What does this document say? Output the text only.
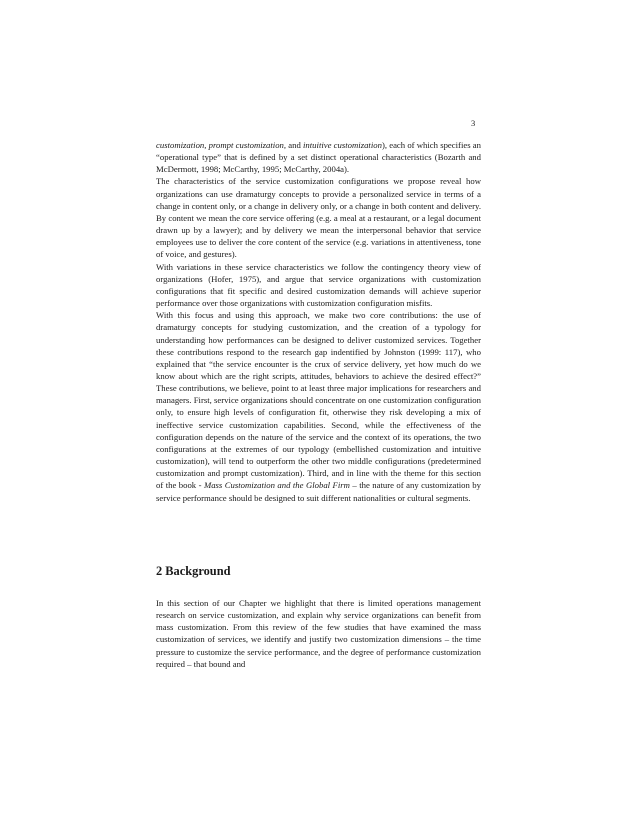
3

customization, prompt customization, and intuitive customization), each of which specifies an “operational type” that is defined by a set distinct operational characteristics (Bozarth and McDermott, 1998; McCarthy, 1995; McCarthy, 2004a).

The characteristics of the service customization configurations we propose reveal how organizations can use dramaturgy concepts to provide a personalized service in terms of a change in content only, or a change in delivery only, or a change in both content and delivery. By content we mean the core service offering (e.g. a meal at a restaurant, or a legal document drawn up by a lawyer); and by delivery we mean the interpersonal behavior that service employees use to deliver the core content of the service (e.g. variations in attentiveness, tone of voice, and gestures).

With variations in these service characteristics we follow the contingency theory view of organizations (Hofer, 1975), and argue that service organizations with customization configurations that fit specific and desired customization demands will achieve superior performance over those organizations with customization configuration misfits.

With this focus and using this approach, we make two core contributions: the use of dramaturgy concepts for studying customization, and the creation of a typology for understanding how performances can be designed to deliver customized services. Together these contributions respond to the research gap indentified by Johnston (1999: 117), who explained that “the service encounter is the crux of service delivery, yet how much do we know about which are the right scripts, attitudes, behaviors to achieve the desired effect?” These contributions, we believe, point to at least three major implications for researchers and managers. First, service organizations should concentrate on one customization configuration only, to ensure high levels of configuration fit, otherwise they risk developing a mix of ineffective service customization capabilities. Second, while the effectiveness of the configuration depends on the nature of the service and the context of its operations, the two configurations at the extremes of our typology (embellished customization and intuitive customization), will tend to outperform the other two middle configurations (predetermined customization and prompt customization). Third, and in line with the theme for this section of the book - Mass Customization and the Global Firm – the nature of any customization by service performance should be designed to suit different nationalities or cultural segments.

2 Background

In this section of our Chapter we highlight that there is limited operations management research on service customization, and explain why service organizations can benefit from mass customization. From this review of the few studies that have examined the mass customization of services, we identify and justify two customization dimensions – the time pressure to customize the service performance, and the degree of performance customization required – that bound and
